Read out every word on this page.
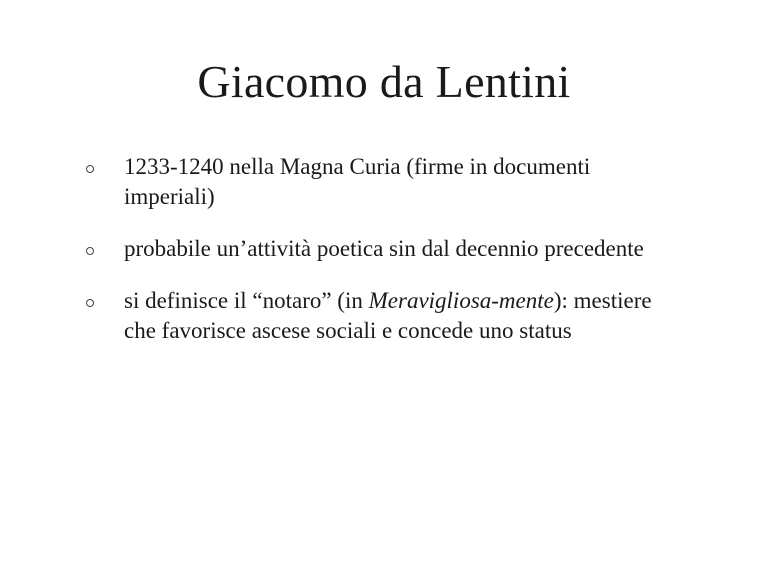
Giacomo da Lentini
1233-1240 nella Magna Curia (firme in documenti imperiali)
probabile un’attività poetica sin dal decennio precedente
si definisce il “notaro” (in Meravigliosa-mente): mestiere che favorisce ascese sociali e concede uno status
